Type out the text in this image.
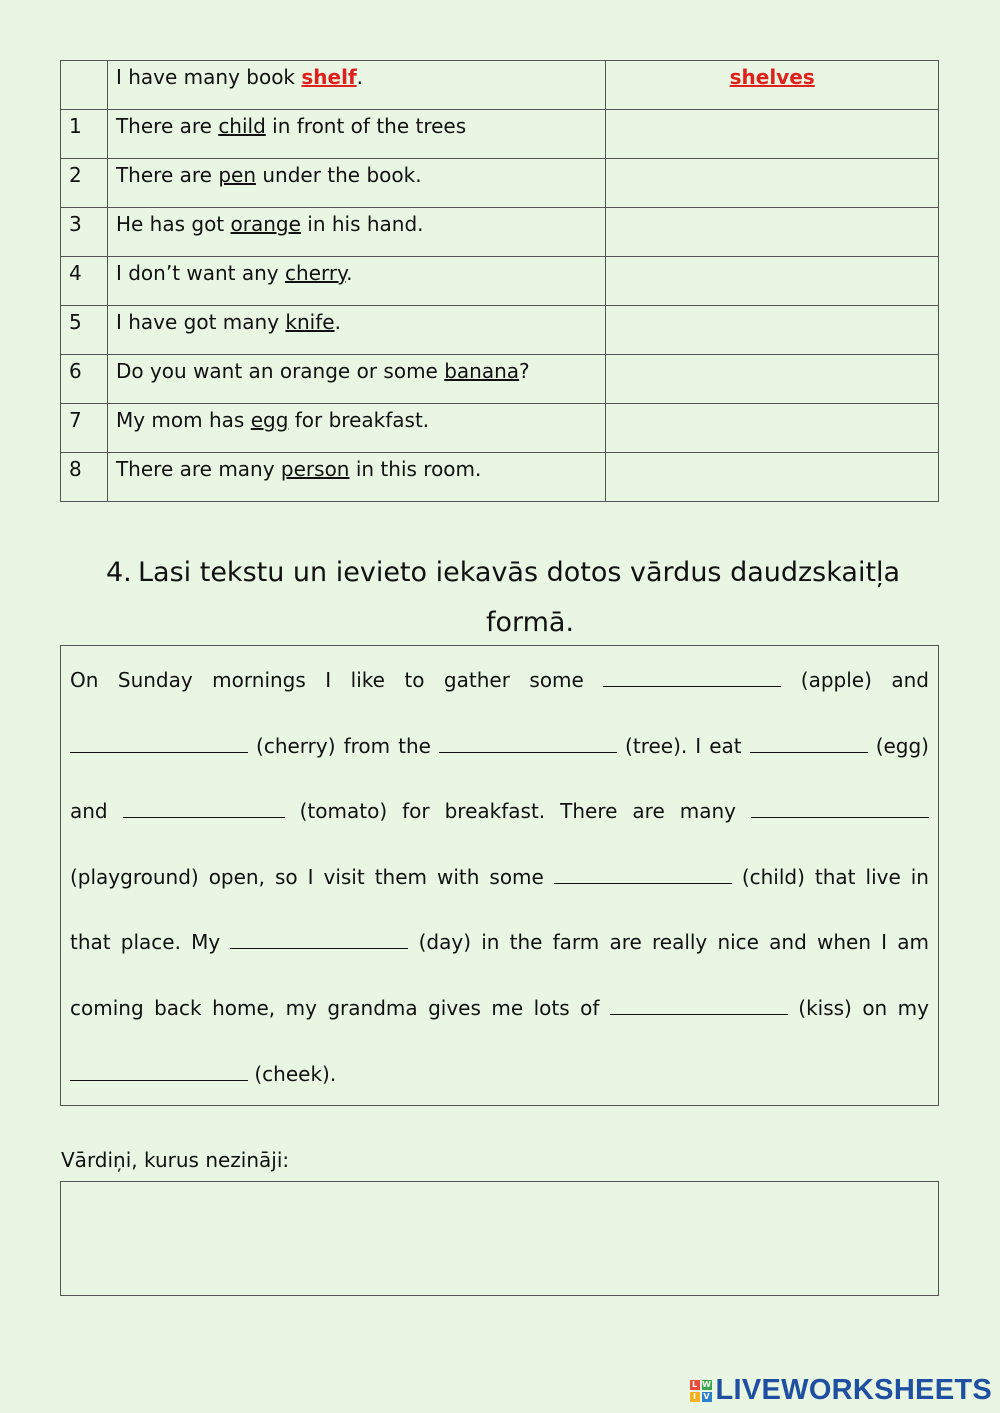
	I have many book shelf.	shelves
1	There are child in front of the trees	
2	There are pen under the book.	
3	He has got orange in his hand.	
4	I don’t want any cherry.	
5	I have got many knife.	
6	Do you want an orange or some banana?	
7	My mom has egg for breakfast.	
8	There are many person in this room.	
4. Lasi tekstu un ievieto iekavās dotos vārdus daudzskaitļa
formā.
On Sunday mornings I like to gather some	(apple) and  (cherry) from the	(tree). I eat	(egg) and	(tomato) for breakfast. There are many  (playground) open, so I visit them with some	(child) that live in that place. My	(day) in the farm are really nice and when I am coming back home, my grandma gives me lots of	(kiss) on my  (cheek).
Vārdiņi, kurus nezināji:
L W
I V LIVEWORKSHEETS
